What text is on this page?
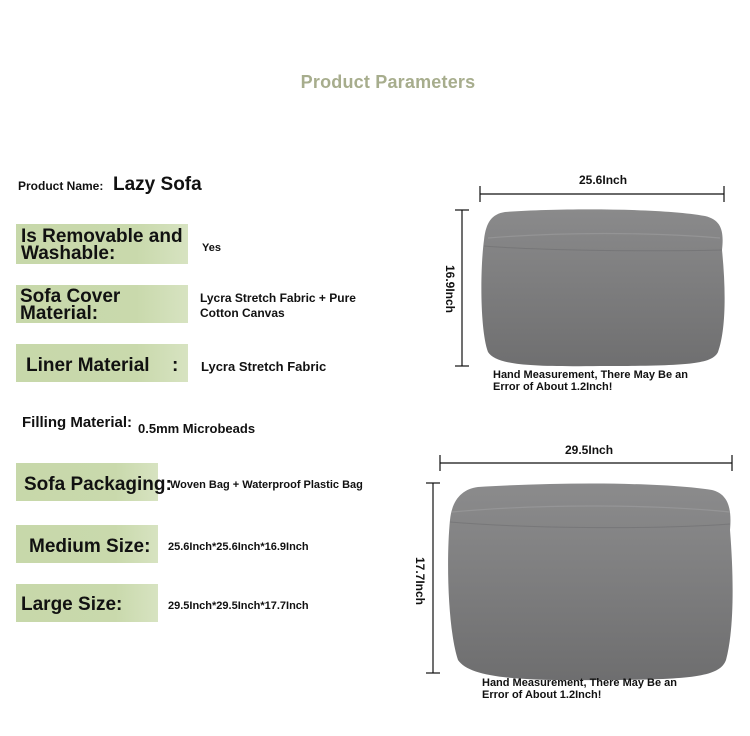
Product Parameters
Product Name: Lazy Sofa
Is Removable and
Washable:	Yes
Sofa Cover
Material:
Lycra Stretch Fabric + Pure
Cotton Canvas
Liner Material : Lycra Stretch Fabric
Filling Material: 0.5mm Microbeads
Sofa Packaging:
Woven Bag + Waterproof Plastic Bag
Medium Size: 25.6Inch*25.6Inch*16.9Inch
Large Size:	29.5Inch*29.5Inch*17.7Inch
25.6Inch
16.9Inch
Hand Measurement, There May Be an
Error of About 1.2Inch!
29.5Inch
17.7Inch
Hand Measurement, There May Be an
Error of About 1.2Inch!
